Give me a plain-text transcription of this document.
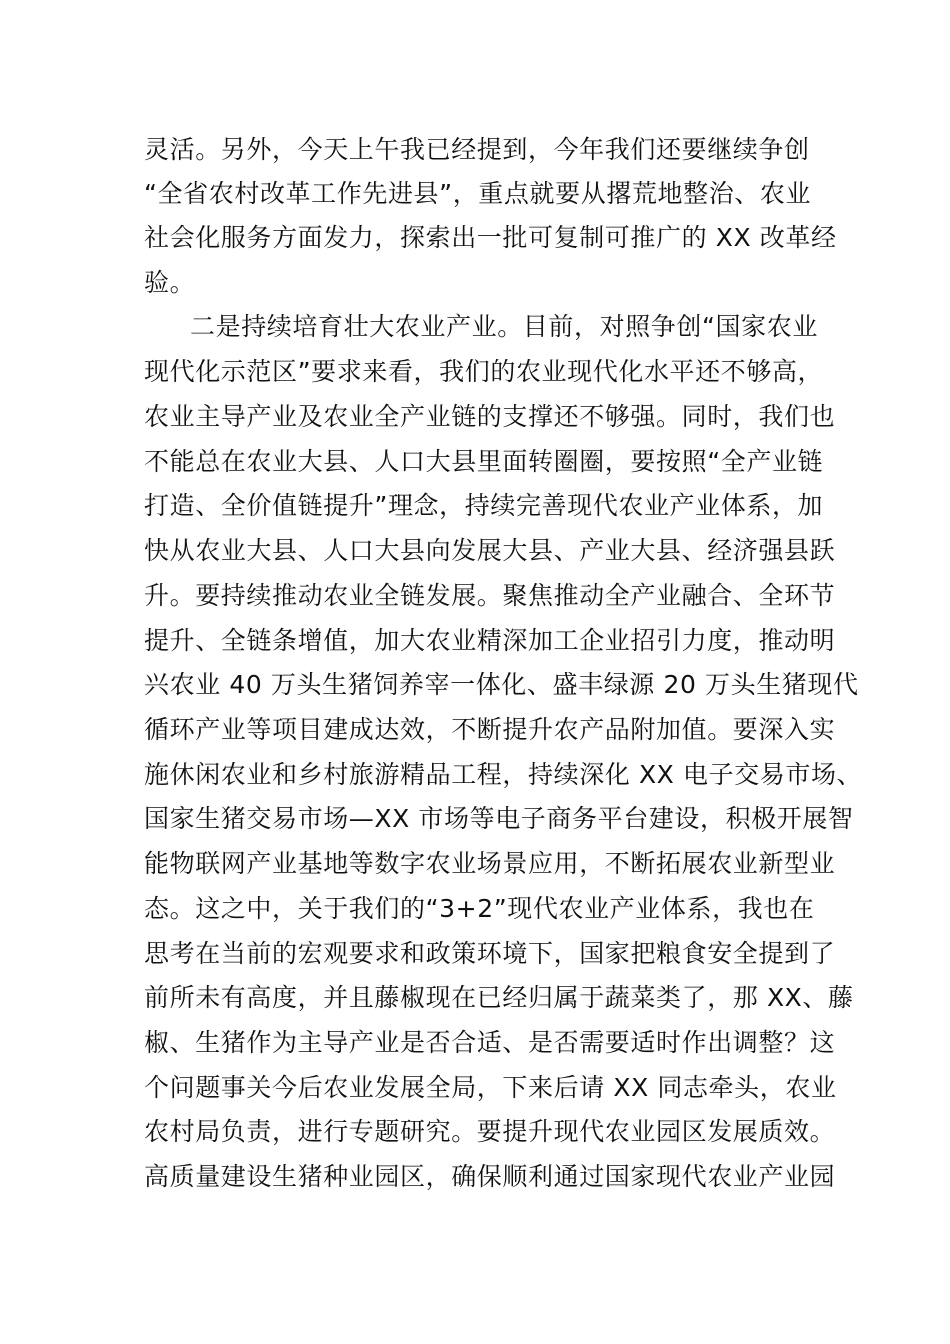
灵活。另外，今天上午我已经提到，今年我们还要继续争创
“全省农村改革工作先进县”，重点就要从撂荒地整治、农业
社会化服务方面发力，探索出一批可复制可推广的 XX 改革经
验。
二是持续培育壮大农业产业。目前，对照争创“国家农业
现代化示范区”要求来看，我们的农业现代化水平还不够高，
农业主导产业及农业全产业链的支撑还不够强。同时，我们也
不能总在农业大县、人口大县里面转圈圈，要按照“全产业链
打造、全价值链提升”理念，持续完善现代农业产业体系，加
快从农业大县、人口大县向发展大县、产业大县、经济强县跃
升。要持续推动农业全链发展。聚焦推动全产业融合、全环节
提升、全链条增值，加大农业精深加工企业招引力度，推动明
兴农业 40 万头生猪饲养宰一体化、盛丰绿源 20 万头生猪现代
循环产业等项目建成达效，不断提升农产品附加值。要深入实
施休闲农业和乡村旅游精品工程，持续深化 XX 电子交易市场、
国家生猪交易市场—XX 市场等电子商务平台建设，积极开展智
能物联网产业基地等数字农业场景应用，不断拓展农业新型业
态。这之中，关于我们的“3+2”现代农业产业体系，我也在
思考在当前的宏观要求和政策环境下，国家把粮食安全提到了
前所未有高度，并且藤椒现在已经归属于蔬菜类了，那 XX、藤
椒、生猪作为主导产业是否合适、是否需要适时作出调整？这
个问题事关今后农业发展全局，下来后请 XX 同志牵头，农业
农村局负责，进行专题研究。要提升现代农业园区发展质效。
高质量建设生猪种业园区，确保顺利通过国家现代农业产业园
